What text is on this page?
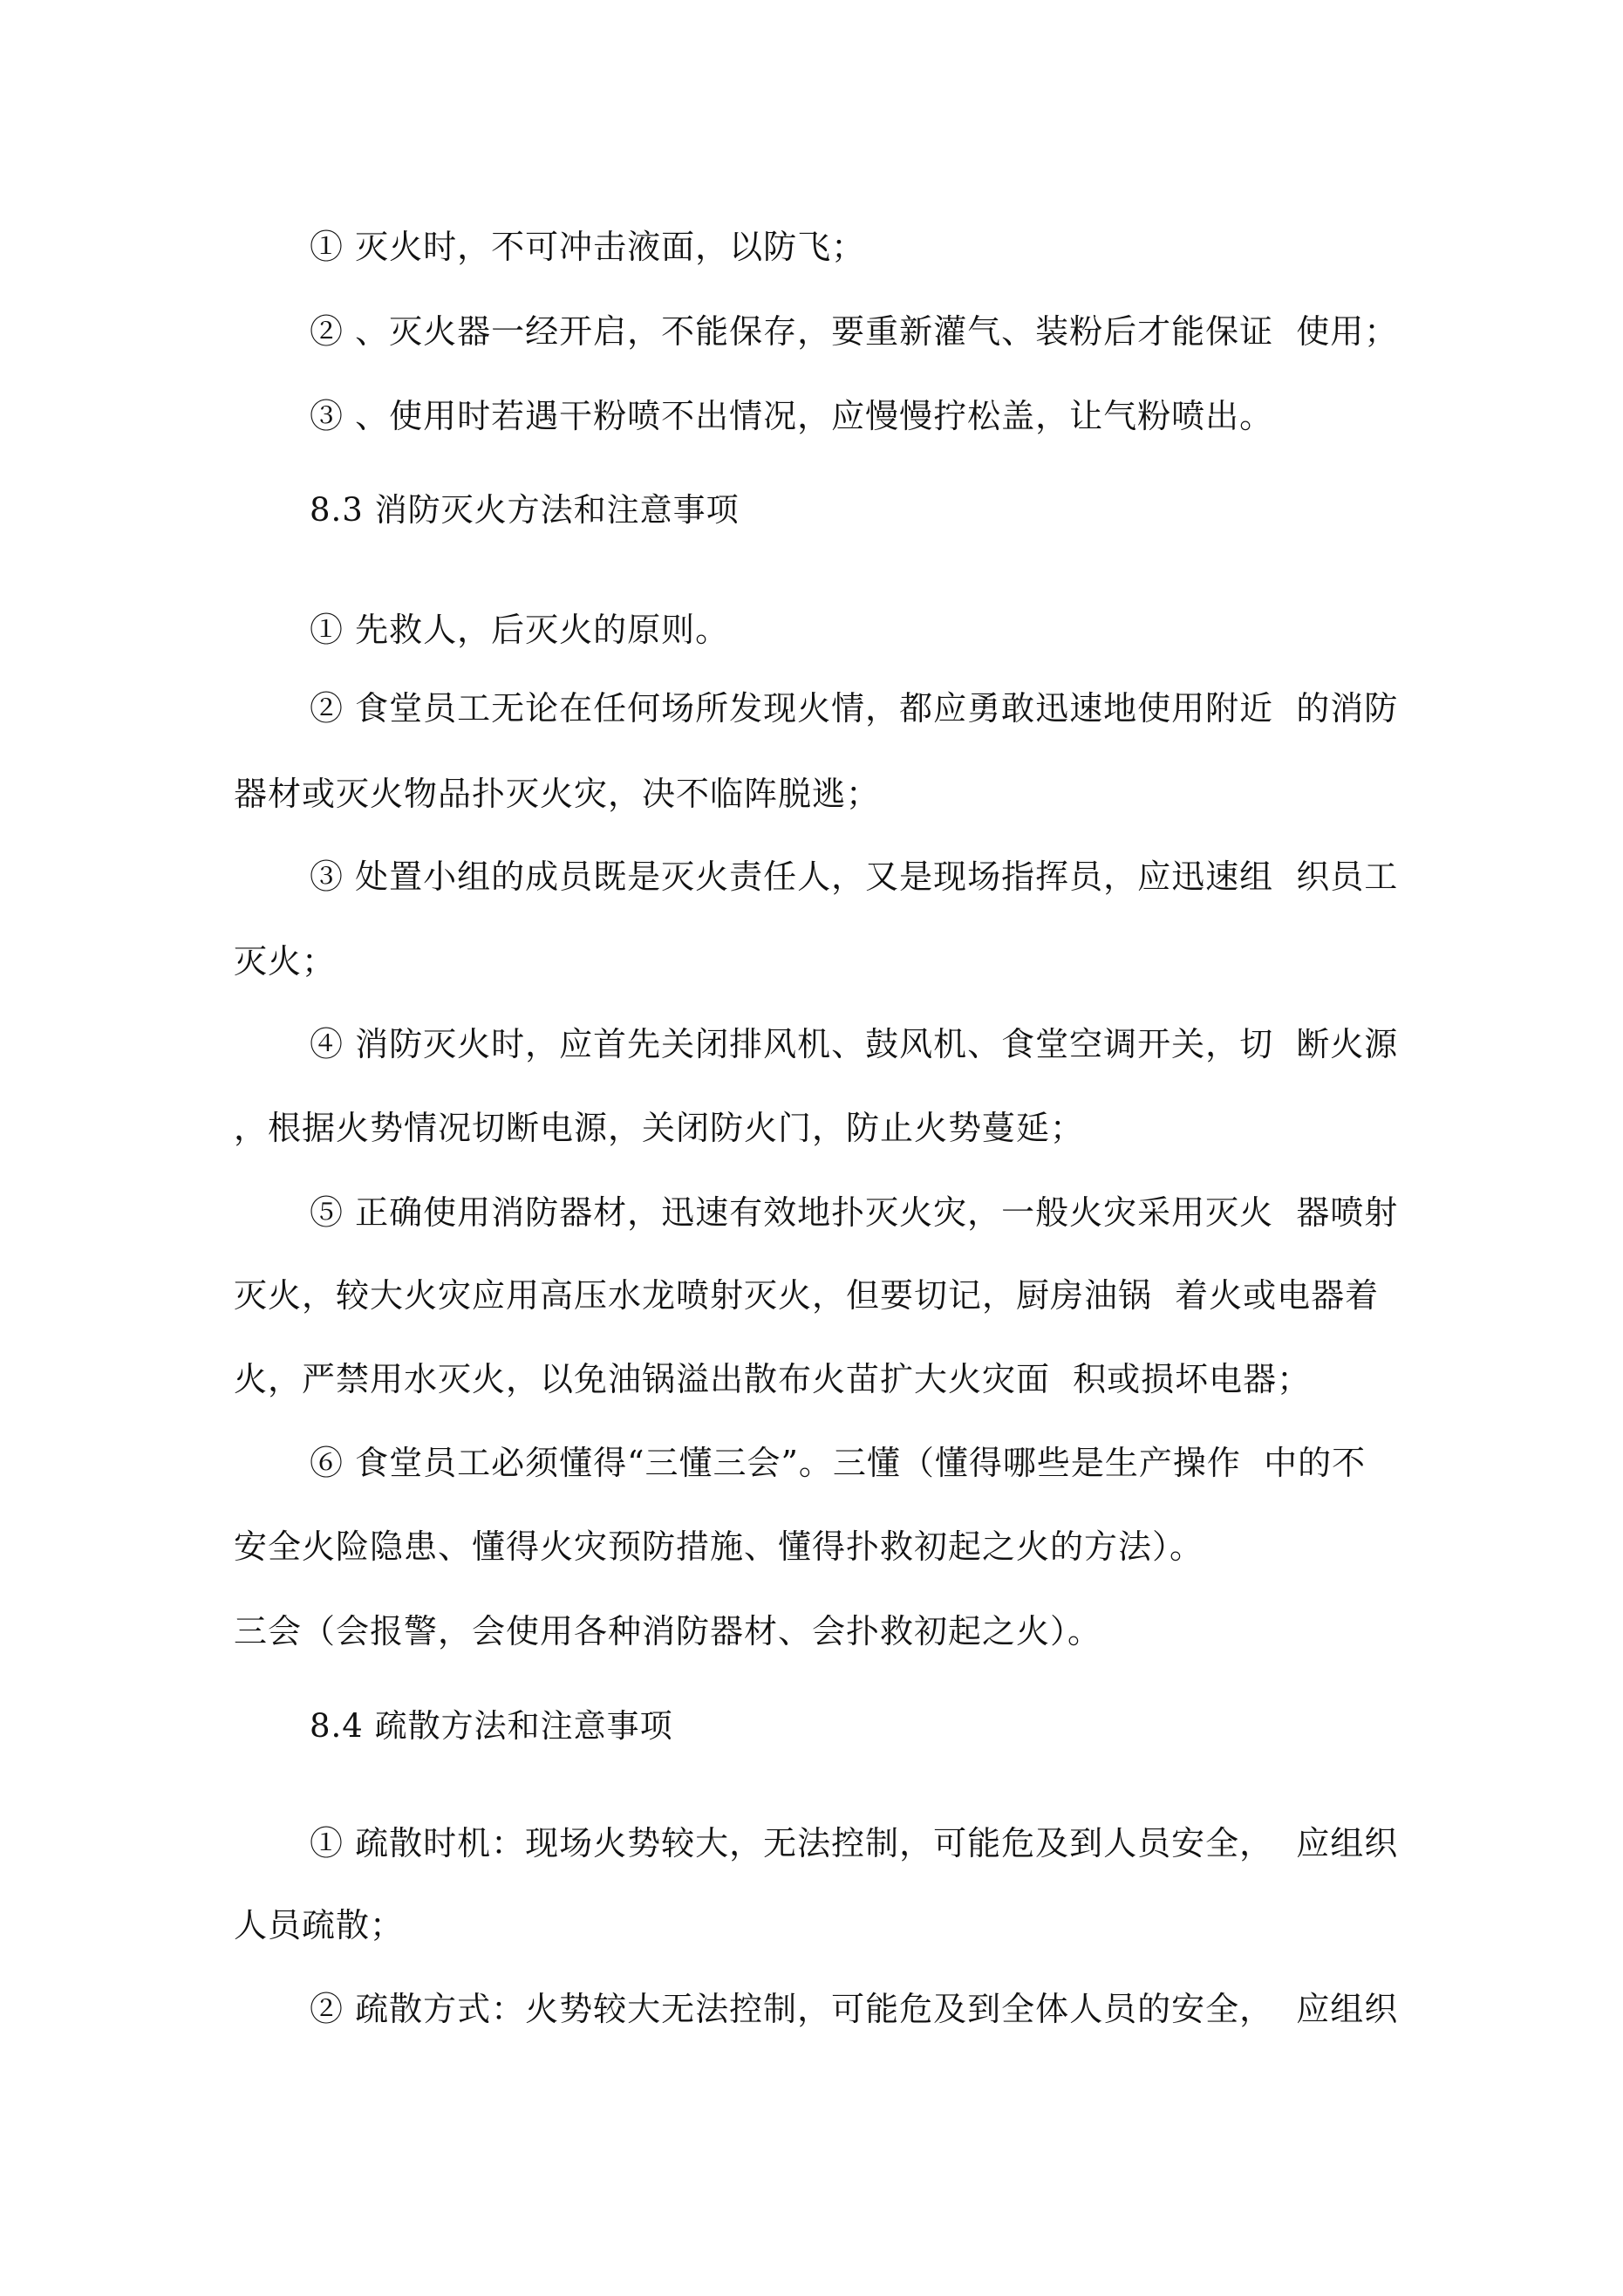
① 灭火时，不可冲击液面，以防飞；
② 、灭火器一经开启，不能保存，要重新灌气、装粉后才能保证  使用；
③ 、使用时若遇干粉喷不出情况，应慢慢拧松盖，让气粉喷出。
8.3 消防灭火方法和注意事项
① 先救人，后灭火的原则。
② 食堂员工无论在任何场所发现火情，都应勇敢迅速地使用附近  的消防
器材或灭火物品扑灭火灾，决不临阵脱逃；
③ 处置小组的成员既是灭火责任人，又是现场指挥员，应迅速组  织员工
灭火；
④ 消防灭火时，应首先关闭排风机、鼓风机、食堂空调开关，切  断火源
，根据火势情况切断电源，关闭防火门，防止火势蔓延；
⑤ 正确使用消防器材，迅速有效地扑灭火灾，一般火灾采用灭火  器喷射
灭火，较大火灾应用高压水龙喷射灭火，但要切记，厨房油锅  着火或电器着
火，严禁用水灭火，以免油锅溢出散布火苗扩大火灾面  积或损坏电器；
⑥ 食堂员工必须懂得“三懂三会”。三懂（懂得哪些是生产操作  中的不
安全火险隐患、懂得火灾预防措施、懂得扑救初起之火的方法）。
三会（会报警，会使用各种消防器材、会扑救初起之火）。
8.4 疏散方法和注意事项
① 疏散时机：现场火势较大，无法控制，可能危及到人员安全，  应组织
人员疏散；
② 疏散方式：火势较大无法控制，可能危及到全体人员的安全，  应组织
